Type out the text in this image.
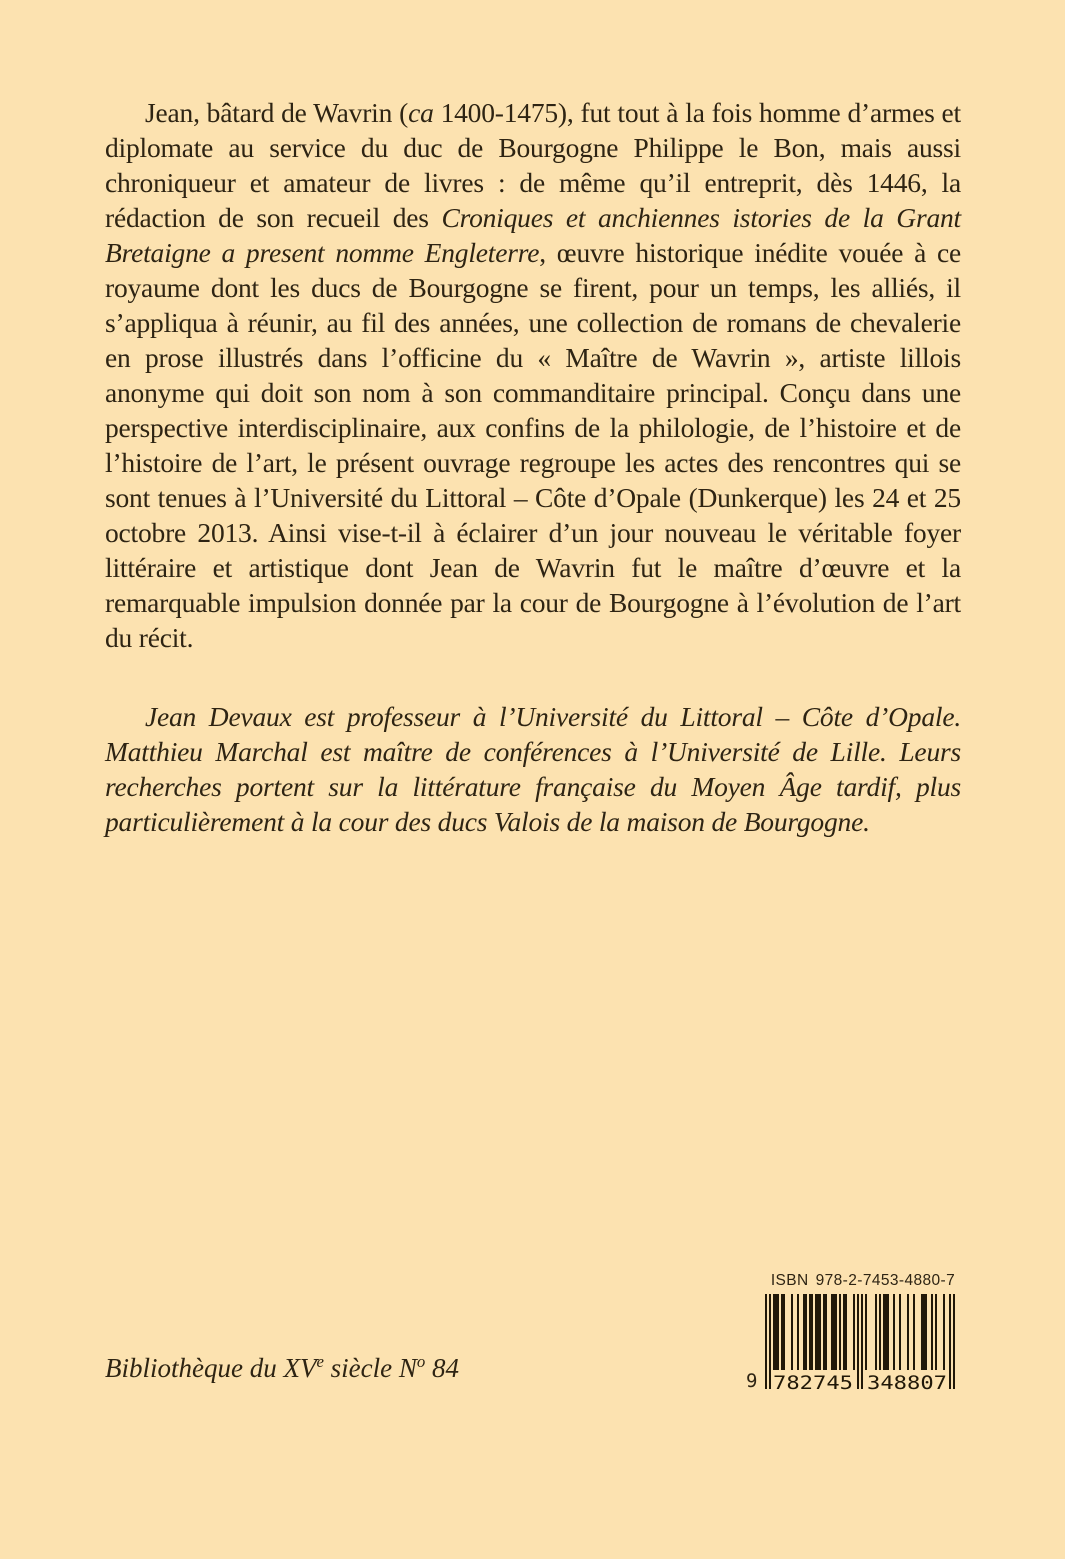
Jean, bâtard de Wavrin (ca 1400-1475), fut tout à la fois homme d’armes et diplomate au service du duc de Bourgogne Philippe le Bon, mais aussi chroniqueur et amateur de livres : de même qu’il entreprit, dès 1446, la rédaction de son recueil des Croniques et anchiennes istories de la Grant Bretaigne a present nomme Engleterre, œuvre historique inédite vouée à ce royaume dont les ducs de Bourgogne se firent, pour un temps, les alliés, il s’appliqua à réunir, au fil des années, une collection de romans de chevalerie en prose illustrés dans l’officine du « Maître de Wavrin », artiste lillois anonyme qui doit son nom à son commanditaire principal. Conçu dans une perspective interdisciplinaire, aux confins de la philologie, de l’histoire et de l’histoire de l’art, le présent ouvrage regroupe les actes des rencontres qui se sont tenues à l’Université du Littoral – Côte d’Opale (Dunkerque) les 24 et 25 octobre 2013. Ainsi vise-t-il à éclairer d’un jour nouveau le véritable foyer littéraire et artistique dont Jean de Wavrin fut le maître d’œuvre et la remarquable impulsion donnée par la cour de Bourgogne à l’évolution de l’art du récit.

Jean Devaux est professeur à l’Université du Littoral – Côte d’Opale. Matthieu Marchal est maître de conférences à l’Université de Lille. Leurs recherches portent sur la littérature française du Moyen Âge tardif, plus particulièrement à la cour des ducs Valois de la maison de Bourgogne.

Bibliothèque du XVe siècle $N^o$ 84
ISBN 978-2-7453-4880-7
9 782745 348807
